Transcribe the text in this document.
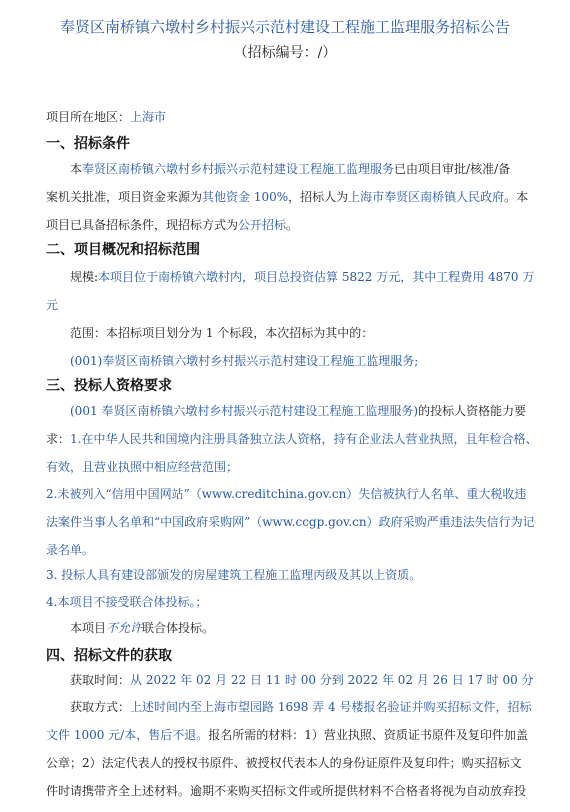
奉贤区南桥镇六墩村乡村振兴示范村建设工程施工监理服务招标公告
（招标编号：/）
项目所在地区：上海市
一、招标条件
本奉贤区南桥镇六墩村乡村振兴示范村建设工程施工监理服务已由项目审批/核准/备
案机关批准，项目资金来源为其他资金 100%，招标人为上海市奉贤区南桥镇人民政府。本
项目已具备招标条件，现招标方式为公开招标。
二、项目概况和招标范围
规模:本项目位于南桥镇六墩村内，项目总投资估算 5822 万元，其中工程费用 4870 万
元
范围：本招标项目划分为 1 个标段，本次招标为其中的：
(001)奉贤区南桥镇六墩村乡村振兴示范村建设工程施工监理服务;
三、投标人资格要求
(001 奉贤区南桥镇六墩村乡村振兴示范村建设工程施工监理服务)的投标人资格能力要
求：1.在中华人民共和国境内注册具备独立法人资格，持有企业法人营业执照，且年检合格、
有效，且营业执照中相应经营范围；
2.未被列入“信用中国网站”（www.creditchina.gov.cn）失信被执行人名单、重大税收违
法案件当事人名单和“中国政府采购网”（www.ccgp.gov.cn）政府采购严重违法失信行为记
录名单。
3. 投标人具有建设部颁发的房屋建筑工程施工监理丙级及其以上资质。
4.本项目不接受联合体投标。；
本项目不允许联合体投标。
四、招标文件的获取
获取时间：从 2022 年 02 月 22 日 11 时 00 分到 2022 年 02 月 26 日 17 时 00 分
获取方式：上述时间内至上海市望园路 1698 弄 4 号楼报名验证并购买招标文件，招标
文件 1000 元/本，售后不退。报名所需的材料：1）营业执照、资质证书原件及复印件加盖
公章；2）法定代表人的授权书原件、被授权代表本人的身份证原件及复印件；购买招标文
件时请携带齐全上述材料。逾期不来购买招标文件或所提供材料不合格者将视为自动放弃投
